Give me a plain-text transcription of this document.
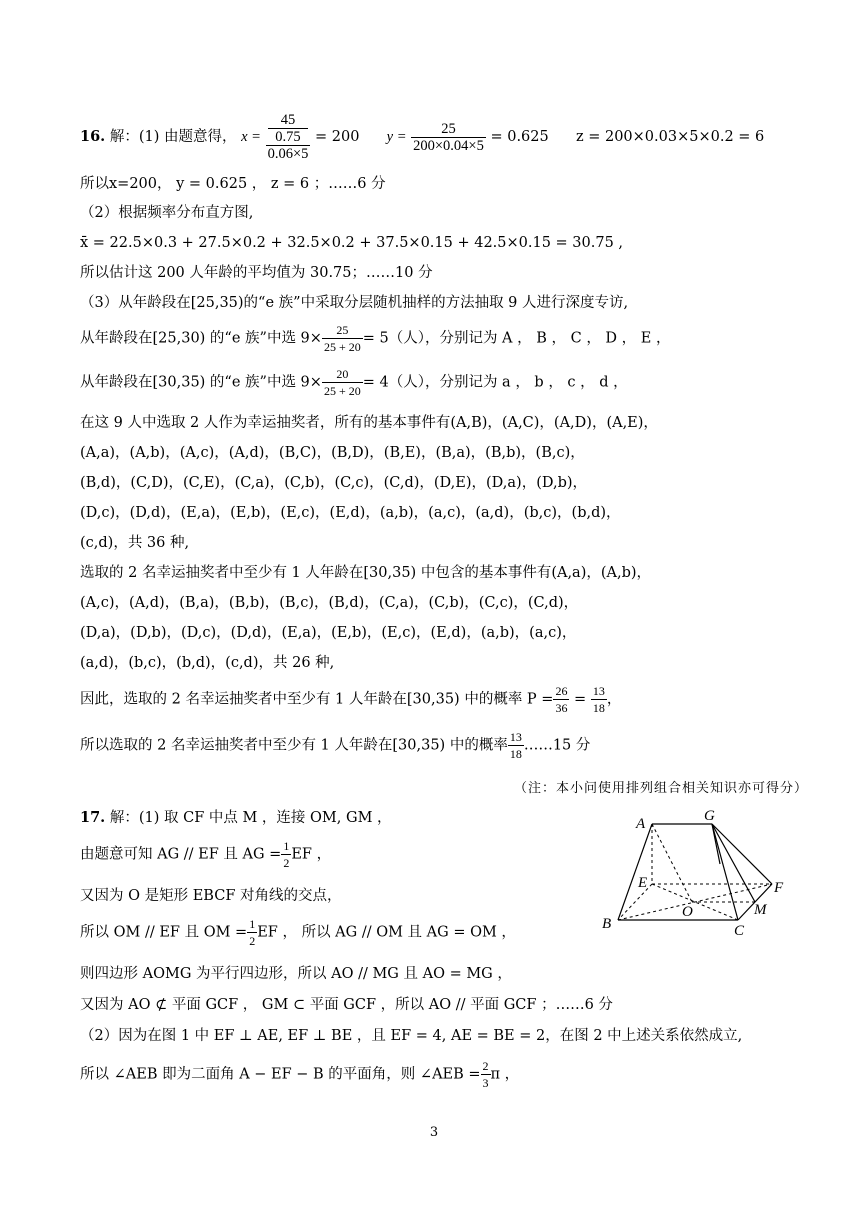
16. 解：(1) 由题意得， x = 45
0.75
0.06×5 = 200 $y = \frac{25}{200\times 0.04\times 5} = 0.625$ z = 200×0.03×5×0.2 = 6
所以x=200， y = 0.625 ， z = 6 ；……6 分
（2）根据频率分布直方图,
x̄ = 22.5×0.3 + 27.5×0.2 + 32.5×0.2 + 37.5×0.15 + 42.5×0.15 = 30.75 ,
所以估计这 200 人年龄的平均值为 30.75；……10 分
（3）从年龄段在[25,35)的“e 族”中采取分层随机抽样的方法抽取 9 人进行深度专访,
从年龄段在[25,30) 的“e 族”中选 $9\times \frac{25}{25 + 20} = 5$（人），分别记为 A ， B ， C ， D ， E ，
从年龄段在[30,35) 的“e 族”中选 $9\times \frac{20}{25 + 20} = 4$（人），分别记为 a ， b ， c ， d ，
在这 9 人中选取 2 人作为幸运抽奖者，所有的基本事件有(A,B)，(A,C)，(A,D)，(A,E)，
(A,a)，(A,b)，(A,c)，(A,d)，(B,C)，(B,D)，(B,E)，(B,a)，(B,b)，(B,c)，
(B,d)，(C,D)，(C,E)，(C,a)，(C,b)，(C,c)，(C,d)，(D,E)，(D,a)，(D,b)，
(D,c)，(D,d)，(E,a)，(E,b)，(E,c)，(E,d)，(a,b)，(a,c)，(a,d)，(b,c)，(b,d)，
(c,d)，共 36 种,
选取的 2 名幸运抽奖者中至少有 1 人年龄在[30,35) 中包含的基本事件有(A,a)，(A,b)，
(A,c)，(A,d)，(B,a)，(B,b)，(B,c)，(B,d)，(C,a)，(C,b)，(C,c)，(C,d)，
(D,a)，(D,b)，(D,c)，(D,d)，(E,a)，(E,b)，(E,c)，(E,d)，(a,b)，(a,c)，
(a,d)，(b,c)，(b,d)，(c,d)，共 26 种,
因此，选取的 2 名幸运抽奖者中至少有 1 人年龄在[30,35) 中的概率 $P = \frac{26}{36} = \frac{13}{18}$ ，
所以选取的 2 名幸运抽奖者中至少有 1 人年龄在[30,35) 中的概率 $\frac{13}{18}$ ……15 分
（注：本小问使用排列组合相关知识亦可得分）
17. 解：(1) 取 CF 中点 M ，连接 OM, GM ，
由题意可知 AG // EF 且 AG = $\frac{1}{2}$ EF ，
又因为 O 是矩形 EBCF 对角线的交点，
所以 OM // EF 且 OM = $\frac{1}{2}$ EF ， 所以 AG // OM 且 AG = OM ，
则四边形 AOMG 为平行四边形，所以 AO // MG 且 AO = MG ，
又因为 AO ⊄ 平面 GCF ， GM ⊂ 平面 GCF ，所以 AO // 平面 GCF ；……6 分
（2）因为在图 1 中 EF ⊥ AE, EF ⊥ BE ，且 EF = 4, AE = BE = 2，在图 2 中上述关系依然成立,
所以 ∠AEB 即为二面角 A − EF − B 的平面角，则 ∠AEB = $\frac{2}{3}$ π ，
A	G
E	F
O	M
B	C
3
